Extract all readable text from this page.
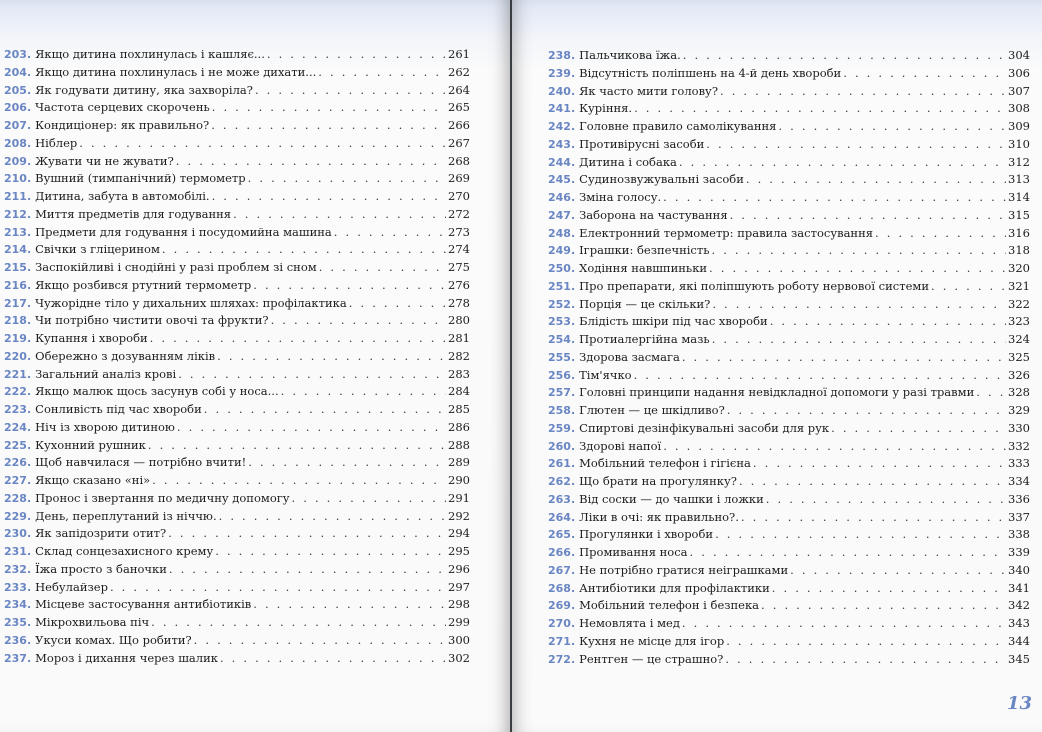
203. Якщо дитина похлинулась і кашляє... . . .	261
204. Якщо дитина похлинулась і не може дихати... . . .	262
205. Як годувати дитину, яка захворіла? . . .	264
206. Частота серцевих скорочень . . .	265
207. Кондиціонер: як правильно? . . .	266
208. Ніблер . . .	267
209. Жувати чи не жувати? . . .	268
210. Вушний (тимпанічний) термометр . . .	269
211. Дитина, забута в автомобілі. . . .	270
212. Миття предметів для годування . . .	272
213. Предмети для годування і посудомийна машина . . .	273
214. Свічки з гліцерином . . .	274
215. Заспокійливі і снодійні у разі проблем зі сном . . .	275
216. Якщо розбився ртутний термометр . . .	276
217. Чужорідне тіло у дихальних шляхах: профілактика . . .	278
218. Чи потрібно чистити овочі та фрукти? . . .	280
219. Купання і хвороби . . .	281
220. Обережно з дозуванням ліків . . .	282
221. Загальний аналіз крові . . .	283
222. Якщо малюк щось засунув собі у носа... . . .	284
223. Сонливість під час хвороби . . .	285
224. Ніч із хворою дитиною . . .	286
225. Кухонний рушник . . .	288
226. Щоб навчилася — потрібно вчити! . . .	289
227. Якщо сказано «ні» . . .	290
228. Пронос і звертання по медичну допомогу . . .	291
229. День, переплутаний із ніччю. . . .	292
230. Як запідозрити отит? . . .	294
231. Склад сонцезахисного крему . . .	295
232. Їжа просто з баночки . . .	296
233. Небулайзер . . .	297
234. Місцеве застосування антибіотиків . . .	298
235. Мікрохвильова піч . . .	299
236. Укуси комах. Що робити? . . .	300
237. Мороз і дихання через шалик . . .	302
13
238. Пальчикова їжа. . . .	304
239. Відсутність поліпшень на 4-й день хвороби . . .	306
240. Як часто мити голову? . . .	307
241. Куріння. . . .	308
242. Головне правило самолікування . . .	309
243. Противірусні засоби . . .	310
244. Дитина і собака . . .	312
245. Судинозвужувальні засоби . . .	313
246. Зміна голосу. . . .	314
247. Заборона на частування . . .	315
248. Електронний термометр: правила застосування . . .	316
249. Іграшки: безпечність . . .	318
250. Ходіння навшпиньки . . .	320
251. Про препарати, які поліпшують роботу нервової системи . . .	321
252. Порція — це скільки? . . .	322
253. Блідість шкіри під час хвороби . . .	323
254. Протиалергійна мазь . . .	324
255. Здорова засмага . . .	325
256. Тім'ячко . . .	326
257. Головні принципи надання невідкладної допомоги у разі травми . . .	328
258. Глютен — це шкідливо? . . .	329
259. Спиртові дезінфікувальні засоби для рук . . .	330
260. Здорові напої . . .	332
261. Мобільний телефон і гігієна . . .	333
262. Що брати на прогулянку? . . .	334
263. Від соски — до чашки і ложки . . .	336
264. Ліки в очі: як правильно?. . . .	337
265. Прогулянки і хвороби . . .	338
266. Промивання носа . . .	339
267. Не потрібно гратися неіграшками . . .	340
268. Антибіотики для профілактики . . .	341
269. Мобільний телефон і безпека . . .	342
270. Немовлята і мед . . .	343
271. Кухня не місце для ігор . . .	344
272. Рентген — це страшно? . . .	345
